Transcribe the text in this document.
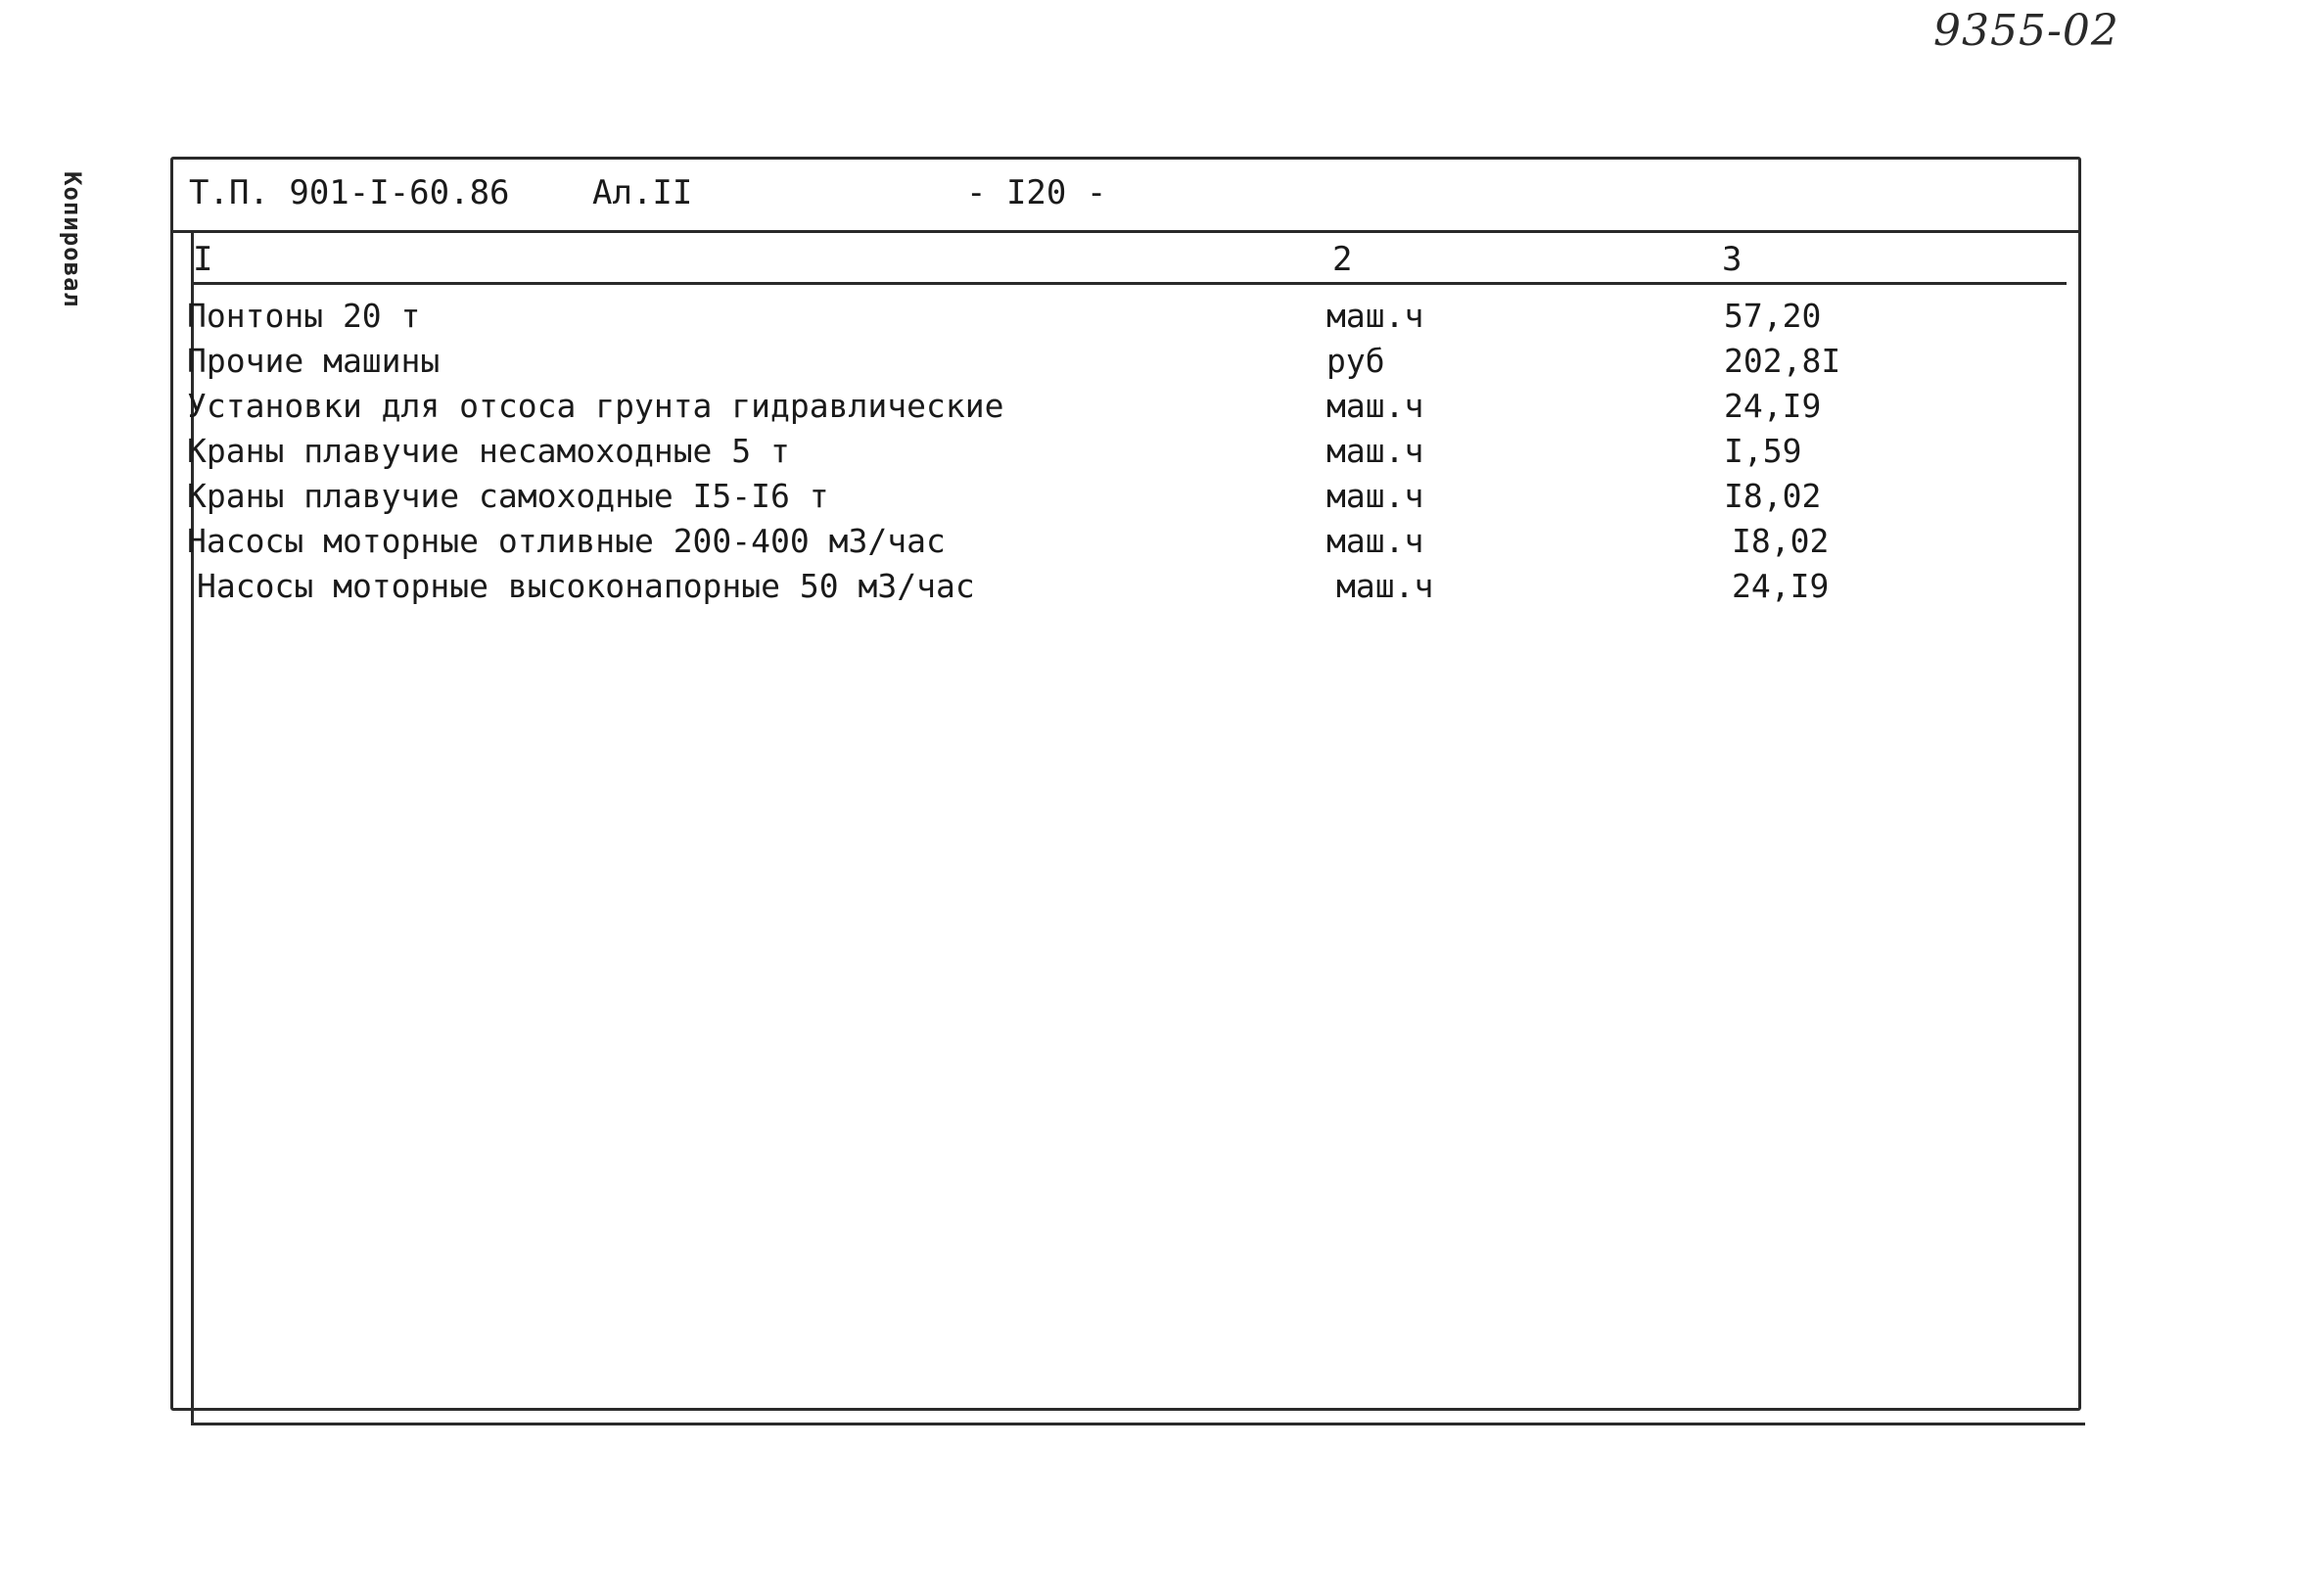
9355-02
Копировал	Т.П. 901-I-60.86 Ал.II	- I20 -
I	2	3
Понтоны 20 т	маш.ч	57,20
Прочие машины	руб	202,8I
Установки для отсоса грунта гидравлические	маш.ч	24,I9
Краны плавучие несамоходные 5 т	маш.ч	I,59
Краны плавучие самоходные I5-I6 т	маш.ч	I8,02
Насосы моторные отливные 200-400 м3/час	маш.ч	I8,02
Насосы моторные высоконапорные 50 м3/час	маш.ч	24,I9
